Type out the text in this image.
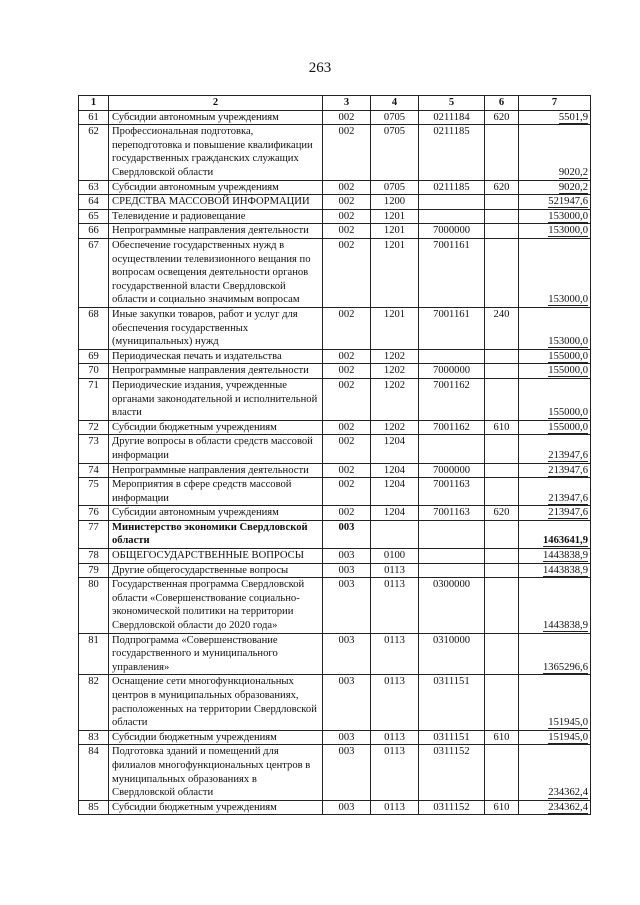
263
1	2	3	4	5	6	7
61	Субсидии автономным учреждениям	002	0705	0211184	620	5501,9
62	Профессиональная подготовка, переподготовка и повышение квалификации государственных гражданских служащих Свердловской области	002	0705	0211185		9020,2
63	Субсидии автономным учреждениям	002	0705	0211185	620	9020,2
64	СРЕДСТВА МАССОВОЙ ИНФОРМАЦИИ	002	1200			521947,6
65	Телевидение и радиовещание	002	1201			153000,0
66	Непрограммные направления деятельности	002	1201	7000000		153000,0
67	Обеспечение государственных нужд в осуществлении телевизионного вещания по вопросам освещения деятельности органов государственной власти Свердловской области и социально значимым вопросам	002	1201	7001161		153000,0
68	Иные закупки товаров, работ и услуг для обеспечения государственных (муниципальных) нужд	002	1201	7001161	240	153000,0
69	Периодическая печать и издательства	002	1202			155000,0
70	Непрограммные направления деятельности	002	1202	7000000		155000,0
71	Периодические издания, учрежденные органами законодательной и исполнительной власти	002	1202	7001162		155000,0
72	Субсидии бюджетным учреждениям	002	1202	7001162	610	155000,0
73	Другие вопросы в области средств массовой информации	002	1204			213947,6
74	Непрограммные направления деятельности	002	1204	7000000		213947,6
75	Мероприятия в сфере средств массовой информации	002	1204	7001163		213947,6
76	Субсидии автономным учреждениям	002	1204	7001163	620	213947,6
77	Министерство экономики Свердловской области	003				1463641,9
78	ОБЩЕГОСУДАРСТВЕННЫЕ ВОПРОСЫ	003	0100			1443838,9
79	Другие общегосударственные вопросы	003	0113			1443838,9
80	Государственная программа Свердловской области «Совершенствование социально-экономической политики на территории Свердловской области до 2020 года»	003	0113	0300000		1443838,9
81	Подпрограмма «Совершенствование государственного и муниципального управления»	003	0113	0310000		1365296,6
82	Оснащение сети многофункциональных центров в муниципальных образованиях, расположенных на территории Свердловской области	003	0113	0311151		151945,0
83	Субсидии бюджетным учреждениям	003	0113	0311151	610	151945,0
84	Подготовка зданий и помещений для филиалов многофункциональных центров в муниципальных образованиях в Свердловской области	003	0113	0311152		234362,4
85	Субсидии бюджетным учреждениям	003	0113	0311152	610	234362,4
